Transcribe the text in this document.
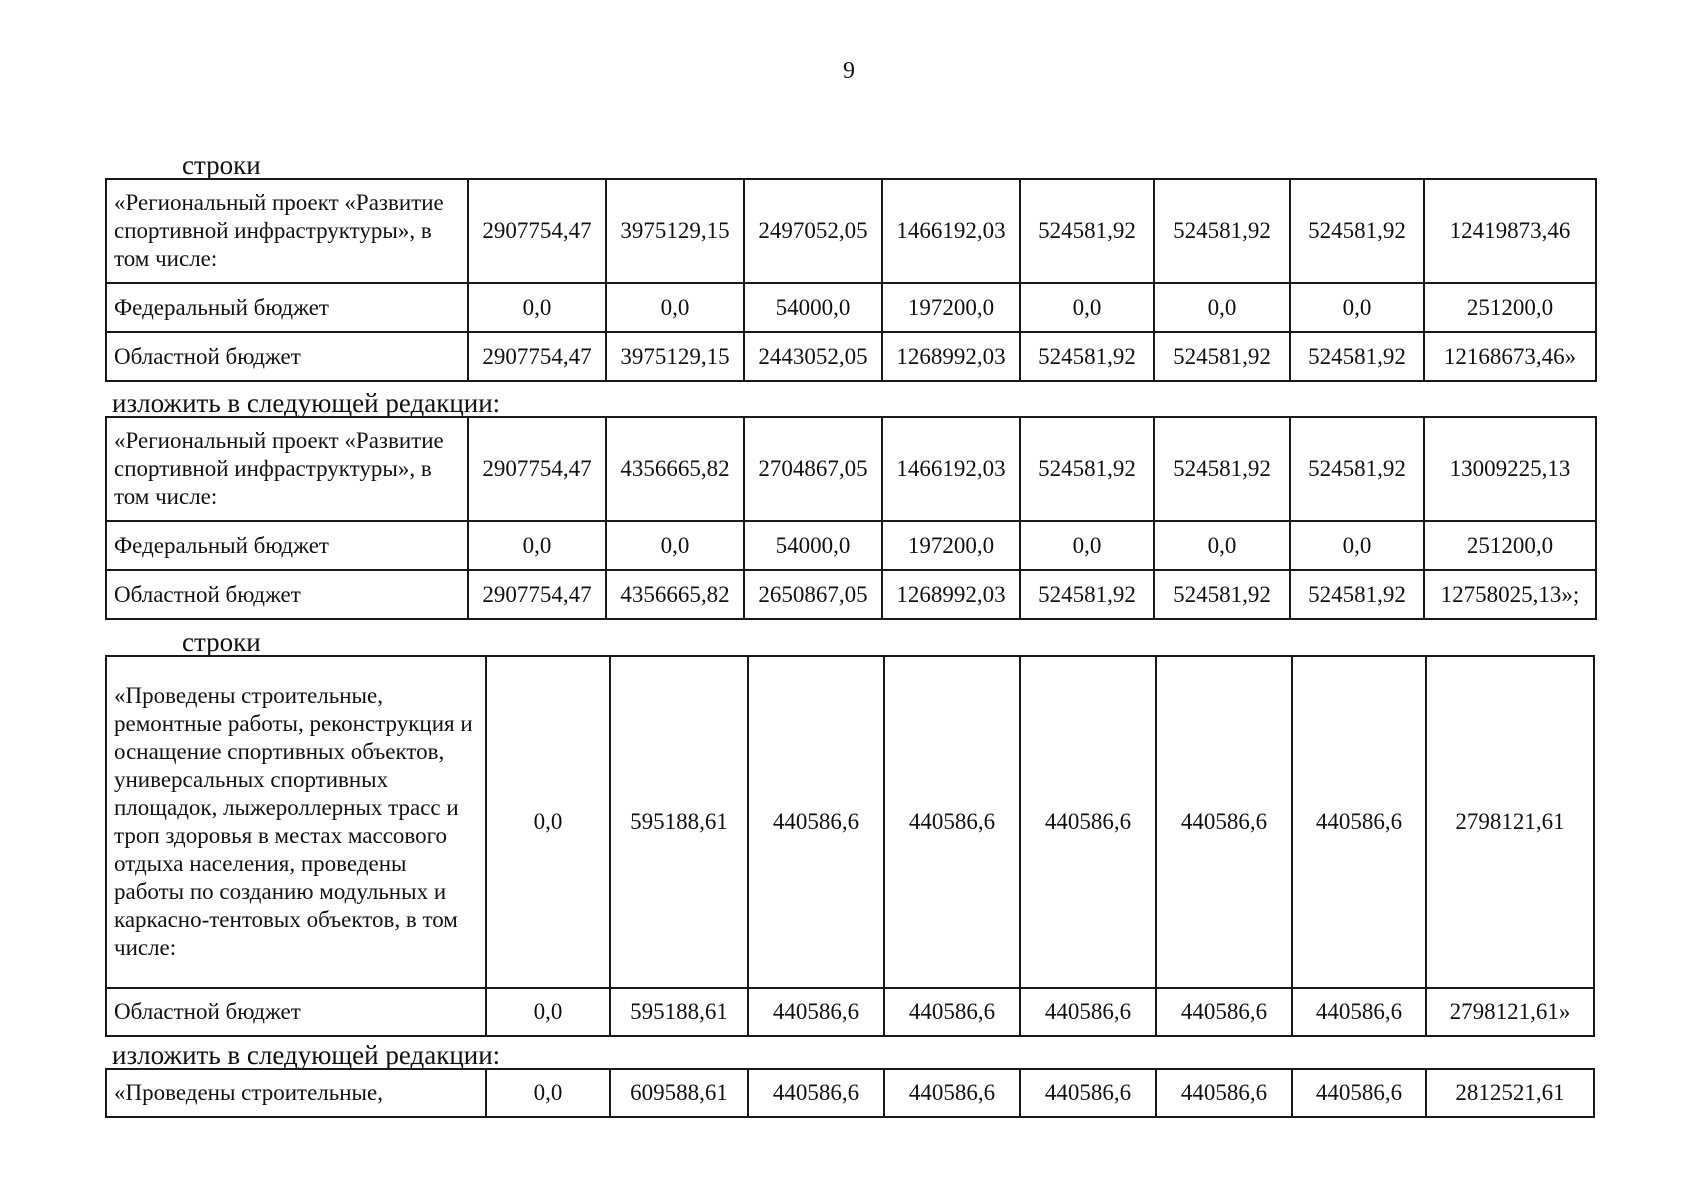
9
строки
«Региональный проект «Развитие спортивной инфраструктуры», в том числе:	2907754,47	3975129,15	2497052,05	1466192,03	524581,92	524581,92	524581,92	12419873,46
Федеральный бюджет	0,0	0,0	54000,0	197200,0	0,0	0,0	0,0	251200,0
Областной бюджет	2907754,47	3975129,15	2443052,05	1268992,03	524581,92	524581,92	524581,92	12168673,46»
изложить в следующей редакции:
«Региональный проект «Развитие спортивной инфраструктуры», в том числе:	2907754,47	4356665,82	2704867,05	1466192,03	524581,92	524581,92	524581,92	13009225,13
Федеральный бюджет	0,0	0,0	54000,0	197200,0	0,0	0,0	0,0	251200,0
Областной бюджет	2907754,47	4356665,82	2650867,05	1268992,03	524581,92	524581,92	524581,92	12758025,13»;
строки
«Проведены строительные, ремонтные работы, реконструкция и оснащение спортивных объектов, универсальных спортивных площадок, лыжероллерных трасс и троп здоровья в местах массового отдыха населения, проведены работы по созданию модульных и каркасно-тентовых объектов, в том числе:	0,0	595188,61	440586,6	440586,6	440586,6	440586,6	440586,6	2798121,61
Областной бюджет	0,0	595188,61	440586,6	440586,6	440586,6	440586,6	440586,6	2798121,61»
изложить в следующей редакции:
«Проведены строительные,	0,0	609588,61	440586,6	440586,6	440586,6	440586,6	440586,6	2812521,61
